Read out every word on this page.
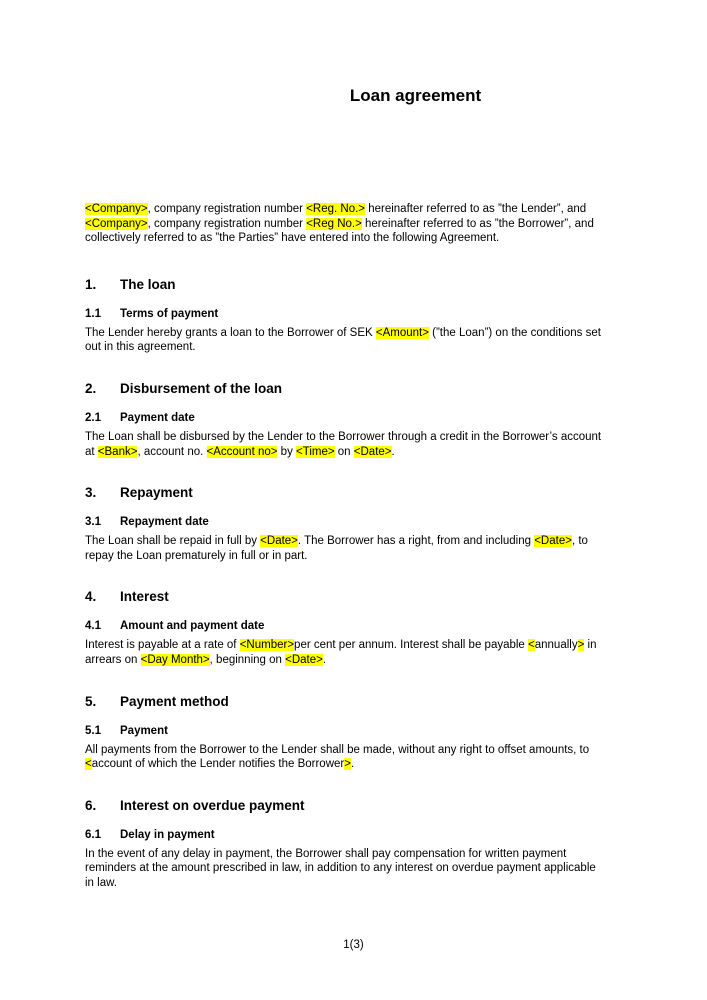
Loan agreement
<Company>, company registration number <Reg. No.> hereinafter referred to as ”the Lender”, and
<Company>, company registration number <Reg No.> hereinafter referred to as ”the Borrower”, and
collectively referred to as ”the Parties” have entered into the following Agreement.
1. The loan
1.1 Terms of payment
The Lender hereby grants a loan to the Borrower of SEK <Amount> (”the Loan”) on the conditions set
out in this agreement.
2. Disbursement of the loan
2.1 Payment date
The Loan shall be disbursed by the Lender to the Borrower through a credit in the Borrower’s account
at <Bank>, account no. <Account no> by <Time> on <Date>.
3. Repayment
3.1 Repayment date
The Loan shall be repaid in full by <Date>. The Borrower has a right, from and including <Date>, to
repay the Loan prematurely in full or in part.
4. Interest
4.1 Amount and payment date
Interest is payable at a rate of <Number>per cent per annum. Interest shall be payable <annually> in
arrears on <Day Month>, beginning on <Date>.
5. Payment method
5.1 Payment
All payments from the Borrower to the Lender shall be made, without any right to offset amounts, to
<account of which the Lender notifies the Borrower>.
6. Interest on overdue payment
6.1 Delay in payment
In the event of any delay in payment, the Borrower shall pay compensation for written payment
reminders at the amount prescribed in law, in addition to any interest on overdue payment applicable
in law.
1(3)
